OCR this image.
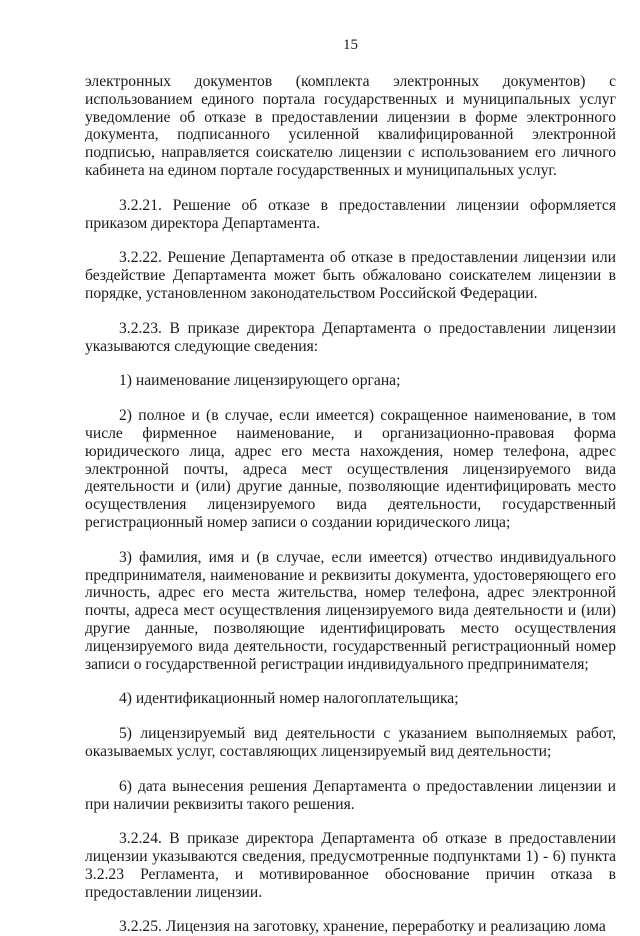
15

электронных документов (комплекта электронных документов) с использованием единого портала государственных и муниципальных услуг уведомление об отказе в предоставлении лицензии в форме электронного документа, подписанного усиленной квалифицированной электронной подписью, направляется соискателю лицензии с использованием его личного кабинета на едином портале государственных и муниципальных услуг.

3.2.21. Решение об отказе в предоставлении лицензии оформляется приказом директора Департамента.

3.2.22. Решение Департамента об отказе в предоставлении лицензии или бездействие Департамента может быть обжаловано соискателем лицензии в порядке, установленном законодательством Российской Федерации.

3.2.23. В приказе директора Департамента о предоставлении лицензии указываются следующие сведения:

1) наименование лицензирующего органа;

2) полное и (в случае, если имеется) сокращенное наименование, в том числе фирменное наименование, и организационно-правовая форма юридического лица, адрес его места нахождения, номер телефона, адрес электронной почты, адреса мест осуществления лицензируемого вида деятельности и (или) другие данные, позволяющие идентифицировать место осуществления лицензируемого вида деятельности, государственный регистрационный номер записи о создании юридического лица;

3) фамилия, имя и (в случае, если имеется) отчество индивидуального предпринимателя, наименование и реквизиты документа, удостоверяющего его личность, адрес его места жительства, номер телефона, адрес электронной почты, адреса мест осуществления лицензируемого вида деятельности и (или) другие данные, позволяющие идентифицировать место осуществления лицензируемого вида деятельности, государственный регистрационный номер записи о государственной регистрации индивидуального предпринимателя;

4) идентификационный номер налогоплательщика;

5) лицензируемый вид деятельности с указанием выполняемых работ, оказываемых услуг, составляющих лицензируемый вид деятельности;

6) дата вынесения решения Департамента о предоставлении лицензии и при наличии реквизиты такого решения.

3.2.24. В приказе директора Департамента об отказе в предоставлении лицензии указываются сведения, предусмотренные подпунктами 1) - 6) пункта 3.2.23 Регламента, и мотивированное обоснование причин отказа в предоставлении лицензии.

3.2.25. Лицензия на заготовку, хранение, переработку и реализацию лома
